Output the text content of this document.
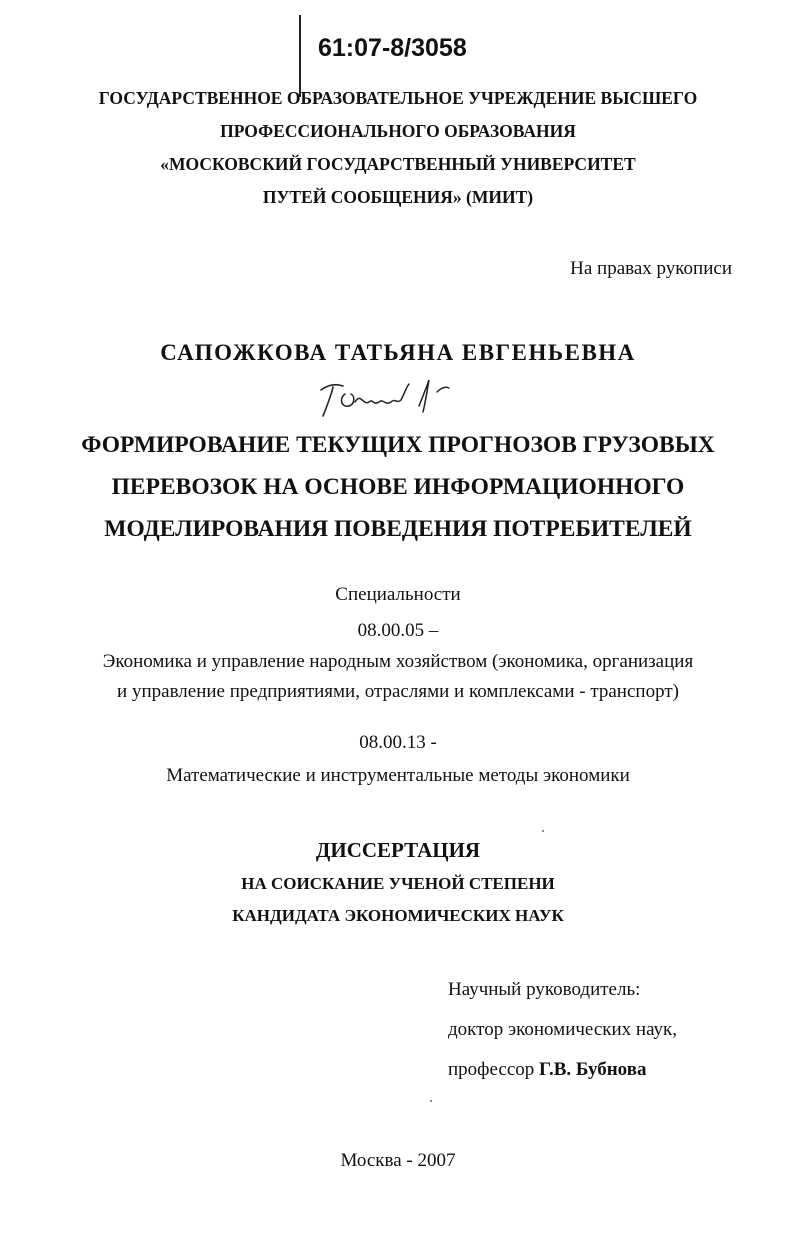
61:07-8/3058
ГОСУДАРСТВЕННОЕ ОБРАЗОВАТЕЛЬНОЕ УЧРЕЖДЕНИЕ ВЫСШЕГО
ПРОФЕССИОНАЛЬНОГО ОБРАЗОВАНИЯ
«МОСКОВСКИЙ ГОСУДАРСТВЕННЫЙ УНИВЕРСИТЕТ
ПУТЕЙ СООБЩЕНИЯ» (МИИТ)
На правах рукописи
САПОЖКОВА ТАТЬЯНА ЕВГЕНЬЕВНА
ФОРМИРОВАНИЕ ТЕКУЩИХ ПРОГНОЗОВ ГРУЗОВЫХ
ПЕРЕВОЗОК НА ОСНОВЕ ИНФОРМАЦИОННОГО
МОДЕЛИРОВАНИЯ ПОВЕДЕНИЯ ПОТРЕБИТЕЛЕЙ
Специальности
08.00.05 –
Экономика и управление народным хозяйством (экономика, организация
и управление предприятиями, отраслями и комплексами - транспорт)
08.00.13 -
Математические и инструментальные методы экономики
ДИССЕРТАЦИЯ
НА СОИСКАНИЕ УЧЕНОЙ СТЕПЕНИ
КАНДИДАТА ЭКОНОМИЧЕСКИХ НАУК
Научный руководитель:
доктор экономических наук,
профессор Г.В. Бубнова
Москва - 2007
